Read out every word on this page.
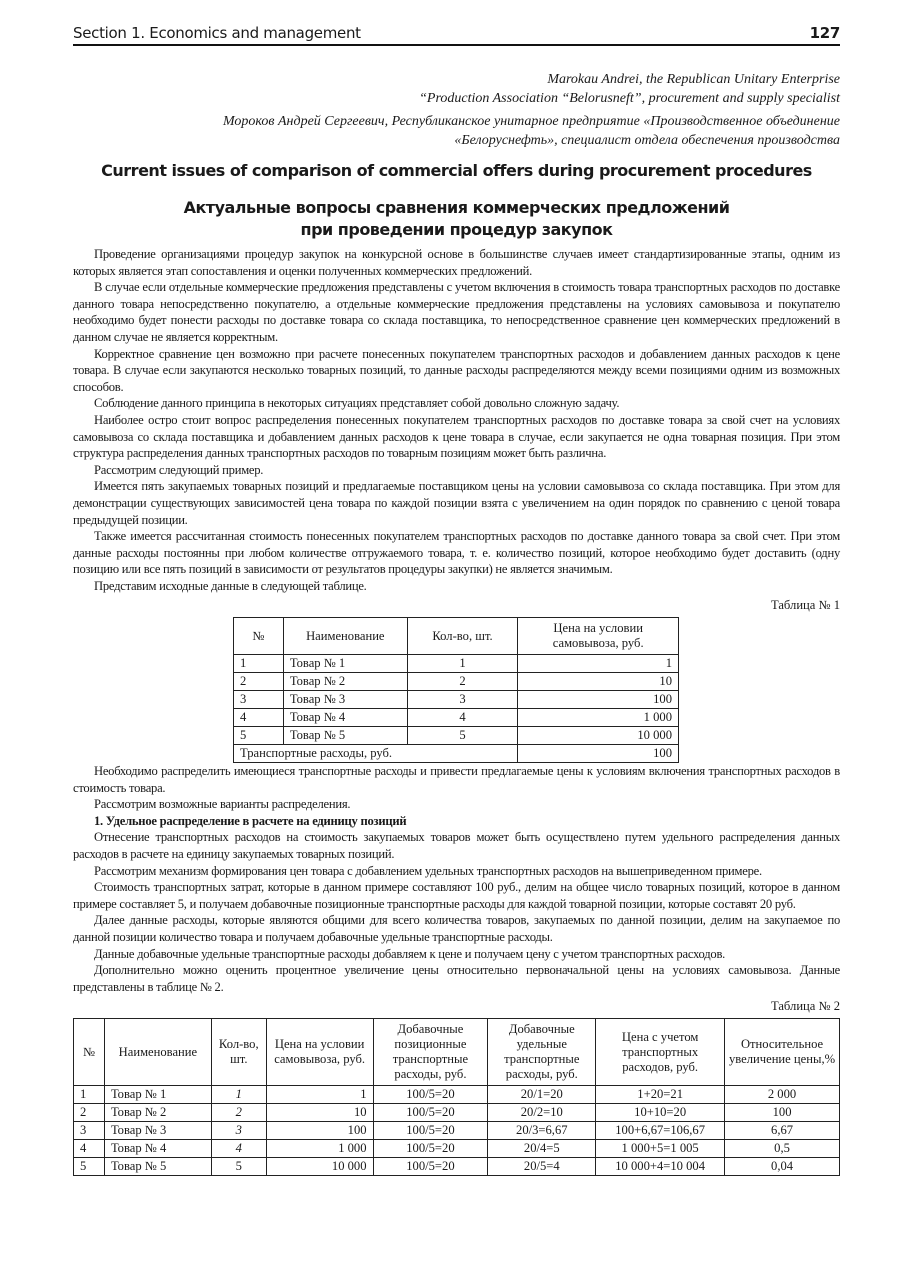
Section 1. Economics and management	127

Marokau Andrei, the Republican Unitary Enterprise
“Production Association “Belorusneft”, procurement and supply specialist

Мороков Андрей Сергеевич, Республиканское унитарное предприятие «Производственное объединение
«Белоруснефть», специалист отдела обеспечения производства

Current issues of comparison of commercial offers during procurement procedures
Актуальные вопросы сравнения коммерческих предложений
при проведении процедур закупок

Проведение организациями процедур закупок на конкурсной основе в большинстве случаев имеет стандартизированные этапы, одним из которых является этап сопоставления и оценки полученных коммерческих предложений.

В случае если отдельные коммерческие предложения представлены с учетом включения в стоимость товара транспортных расходов по доставке данного товара непосредственно покупателю, а отдельные коммерческие предложения представлены на условиях самовывоза и покупателю необходимо будет понести расходы по доставке товара со склада поставщика, то непосредственное сравнение цен коммерческих предложений в данном случае не является корректным.

Корректное сравнение цен возможно при расчете понесенных покупателем транспортных расходов и добавлением данных расходов к цене товара. В случае если закупаются несколько товарных позиций, то данные расходы распределяются между всеми позициями одним из возможных способов.

Соблюдение данного принципа в некоторых ситуациях представляет собой довольно сложную задачу.

Наиболее остро стоит вопрос распределения понесенных покупателем транспортных расходов по доставке товара за свой счет на условиях самовывоза со склада поставщика и добавлением данных расходов к цене товара в случае, если закупается не одна товарная позиция. При этом структура распределения данных транспортных расходов по товарным позициям может быть различна.

Рассмотрим следующий пример.

Имеется пять закупаемых товарных позиций и предлагаемые поставщиком цены на условии самовывоза со склада поставщика. При этом для демонстрации существующих зависимостей цена товара по каждой позиции взята с увеличением на один порядок по сравнению с ценой товара предыдущей позиции.

Также имеется рассчитанная стоимость понесенных покупателем транспортных расходов по доставке данного товара за свой счет. При этом данные расходы постоянны при любом количестве отгружаемого товара, т. е. количество позиций, которое необходимо будет доставить (одну позицию или все пять позиций в зависимости от результатов процедуры закупки) не является значимым.

Представим исходные данные в следующей таблице.

Таблица № 1
№	Наименование	Кол-во, шт.	Цена на условии самовывоза, руб.
1	Товар № 1	1	1
2	Товар № 2	2	10
3	Товар № 3	3	100
4	Товар № 4	4	1 000
5	Товар № 5	5	10 000
Транспортные расходы, руб.			100

Необходимо распределить имеющиеся транспортные расходы и привести предлагаемые цены к условиям включения транспортных расходов в стоимость товара.

Рассмотрим возможные варианты распределения.

1. Удельное распределение в расчете на единицу позиций

Отнесение транспортных расходов на стоимость закупаемых товаров может быть осуществлено путем удельного распределения данных расходов в расчете на единицу закупаемых товарных позиций.

Рассмотрим механизм формирования цен товара с добавлением удельных транспортных расходов на вышеприведенном примере.

Стоимость транспортных затрат, которые в данном примере составляют 100 руб., делим на общее число товарных позиций, которое в данном примере составляет 5, и получаем добавочные позиционные транспортные расходы для каждой товарной позиции, которые составят 20 руб.

Далее данные расходы, которые являются общими для всего количества товаров, закупаемых по данной позиции, делим на закупаемое по данной позиции количество товара и получаем добавочные удельные транспортные расходы.

Данные добавочные удельные транспортные расходы добавляем к цене и получаем цену с учетом транспортных расходов.

Дополнительно можно оценить процентное увеличение цены относительно первоначальной цены на условиях самовывоза. Данные представлены в таблице № 2.

Таблица № 2
№	Наименование	Кол-во, шт.	Цена на условии самовывоза, руб.	Добавочные позиционные транспортные расходы, руб.	Добавочные удельные транспортные расходы, руб.	Цена с учетом транспортных расходов, руб.	Относительное увеличение цены,%
1	Товар № 1	1	1	100/5=20	20/1=20	1+20=21	2 000
2	Товар № 2	2	10	100/5=20	20/2=10	10+10=20	100
3	Товар № 3	3	100	100/5=20	20/3=6,67	100+6,67=106,67	6,67
4	Товар № 4	4	1 000	100/5=20	20/4=5	1 000+5=1 005	0,5
5	Товар № 5	5	10 000	100/5=20	20/5=4	10 000+4=10 004	0,04
